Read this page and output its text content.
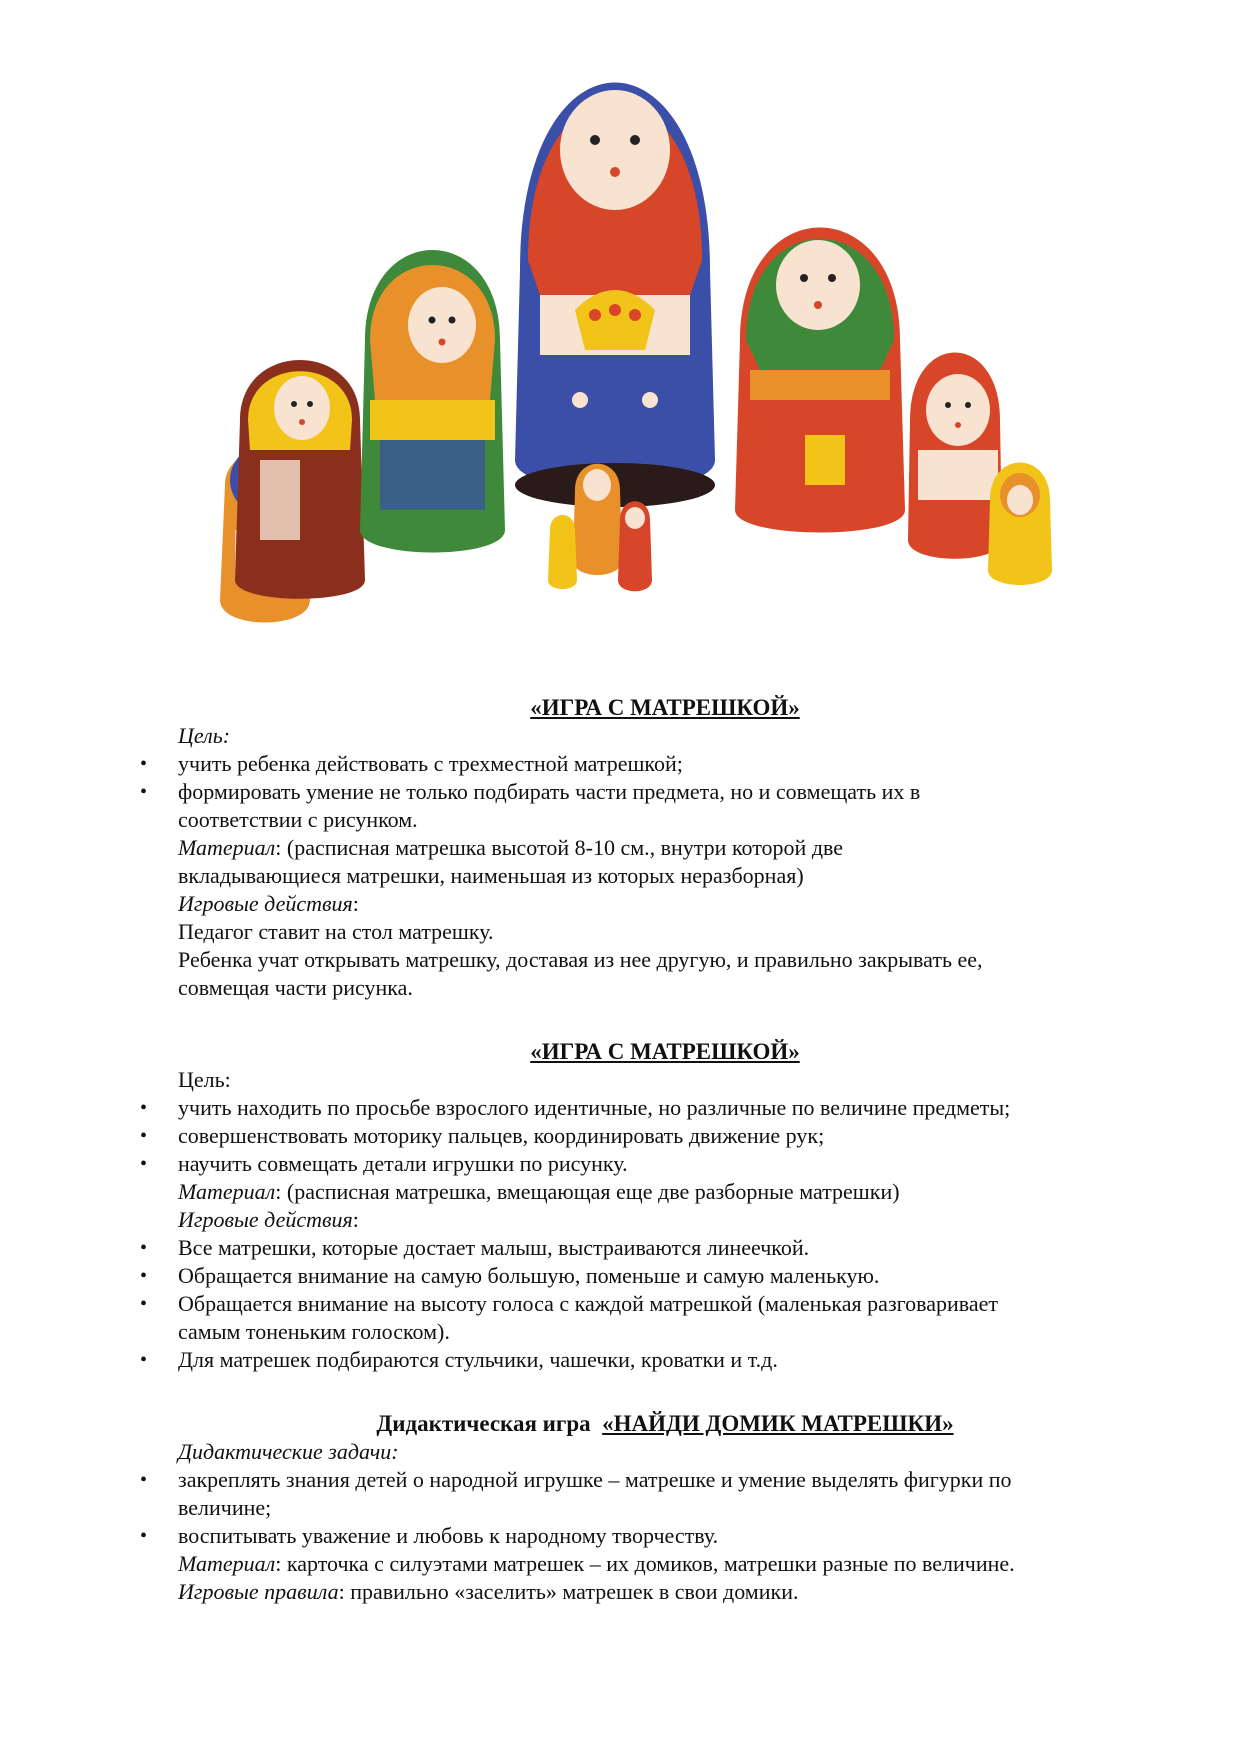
«ИГРА С МАТРЕШКОЙ»
Цель:
• учить ребенка действовать с трехместной матрешкой;
• формировать умение не только подбирать части предмета, но и совмещать их в
соответствии с рисунком.
Материал: (расписная матрешка высотой 8-10 см., внутри которой две
вкладывающиеся матрешки, наименьшая из которых неразборная)
Игровые действия:
Педагог ставит на стол матрешку.
Ребенка учат открывать матрешку, доставая из нее другую, и правильно закрывать ее,
совмещая части рисунка.
«ИГРА С МАТРЕШКОЙ»
Цель:
• учить находить по просьбе взрослого идентичные, но различные по величине предметы;
• совершенствовать моторику пальцев, координировать движение рук;
• научить совмещать детали игрушки по рисунку.
Материал: (расписная матрешка, вмещающая еще две разборные матрешки)
Игровые действия:
• Все матрешки, которые достает малыш, выстраиваются линеечкой.
• Обращается внимание на самую большую, поменьше и самую маленькую.
• Обращается внимание на высоту голоса с каждой матрешкой (маленькая разговаривает
самым тоненьким голоском).
• Для матрешек подбираются стульчики, чашечки, кроватки и т.д.
Дидактическая игра «НАЙДИ ДОМИК МАТРЕШКИ»
Дидактические задачи:
• закреплять знания детей о народной игрушке – матрешке и умение выделять фигурки по
величине;
• воспитывать уважение и любовь к народному творчеству.
Материал: карточка с силуэтами матрешек – их домиков, матрешки разные по величине.
Игровые правила: правильно «заселить» матрешек в свои домики.
